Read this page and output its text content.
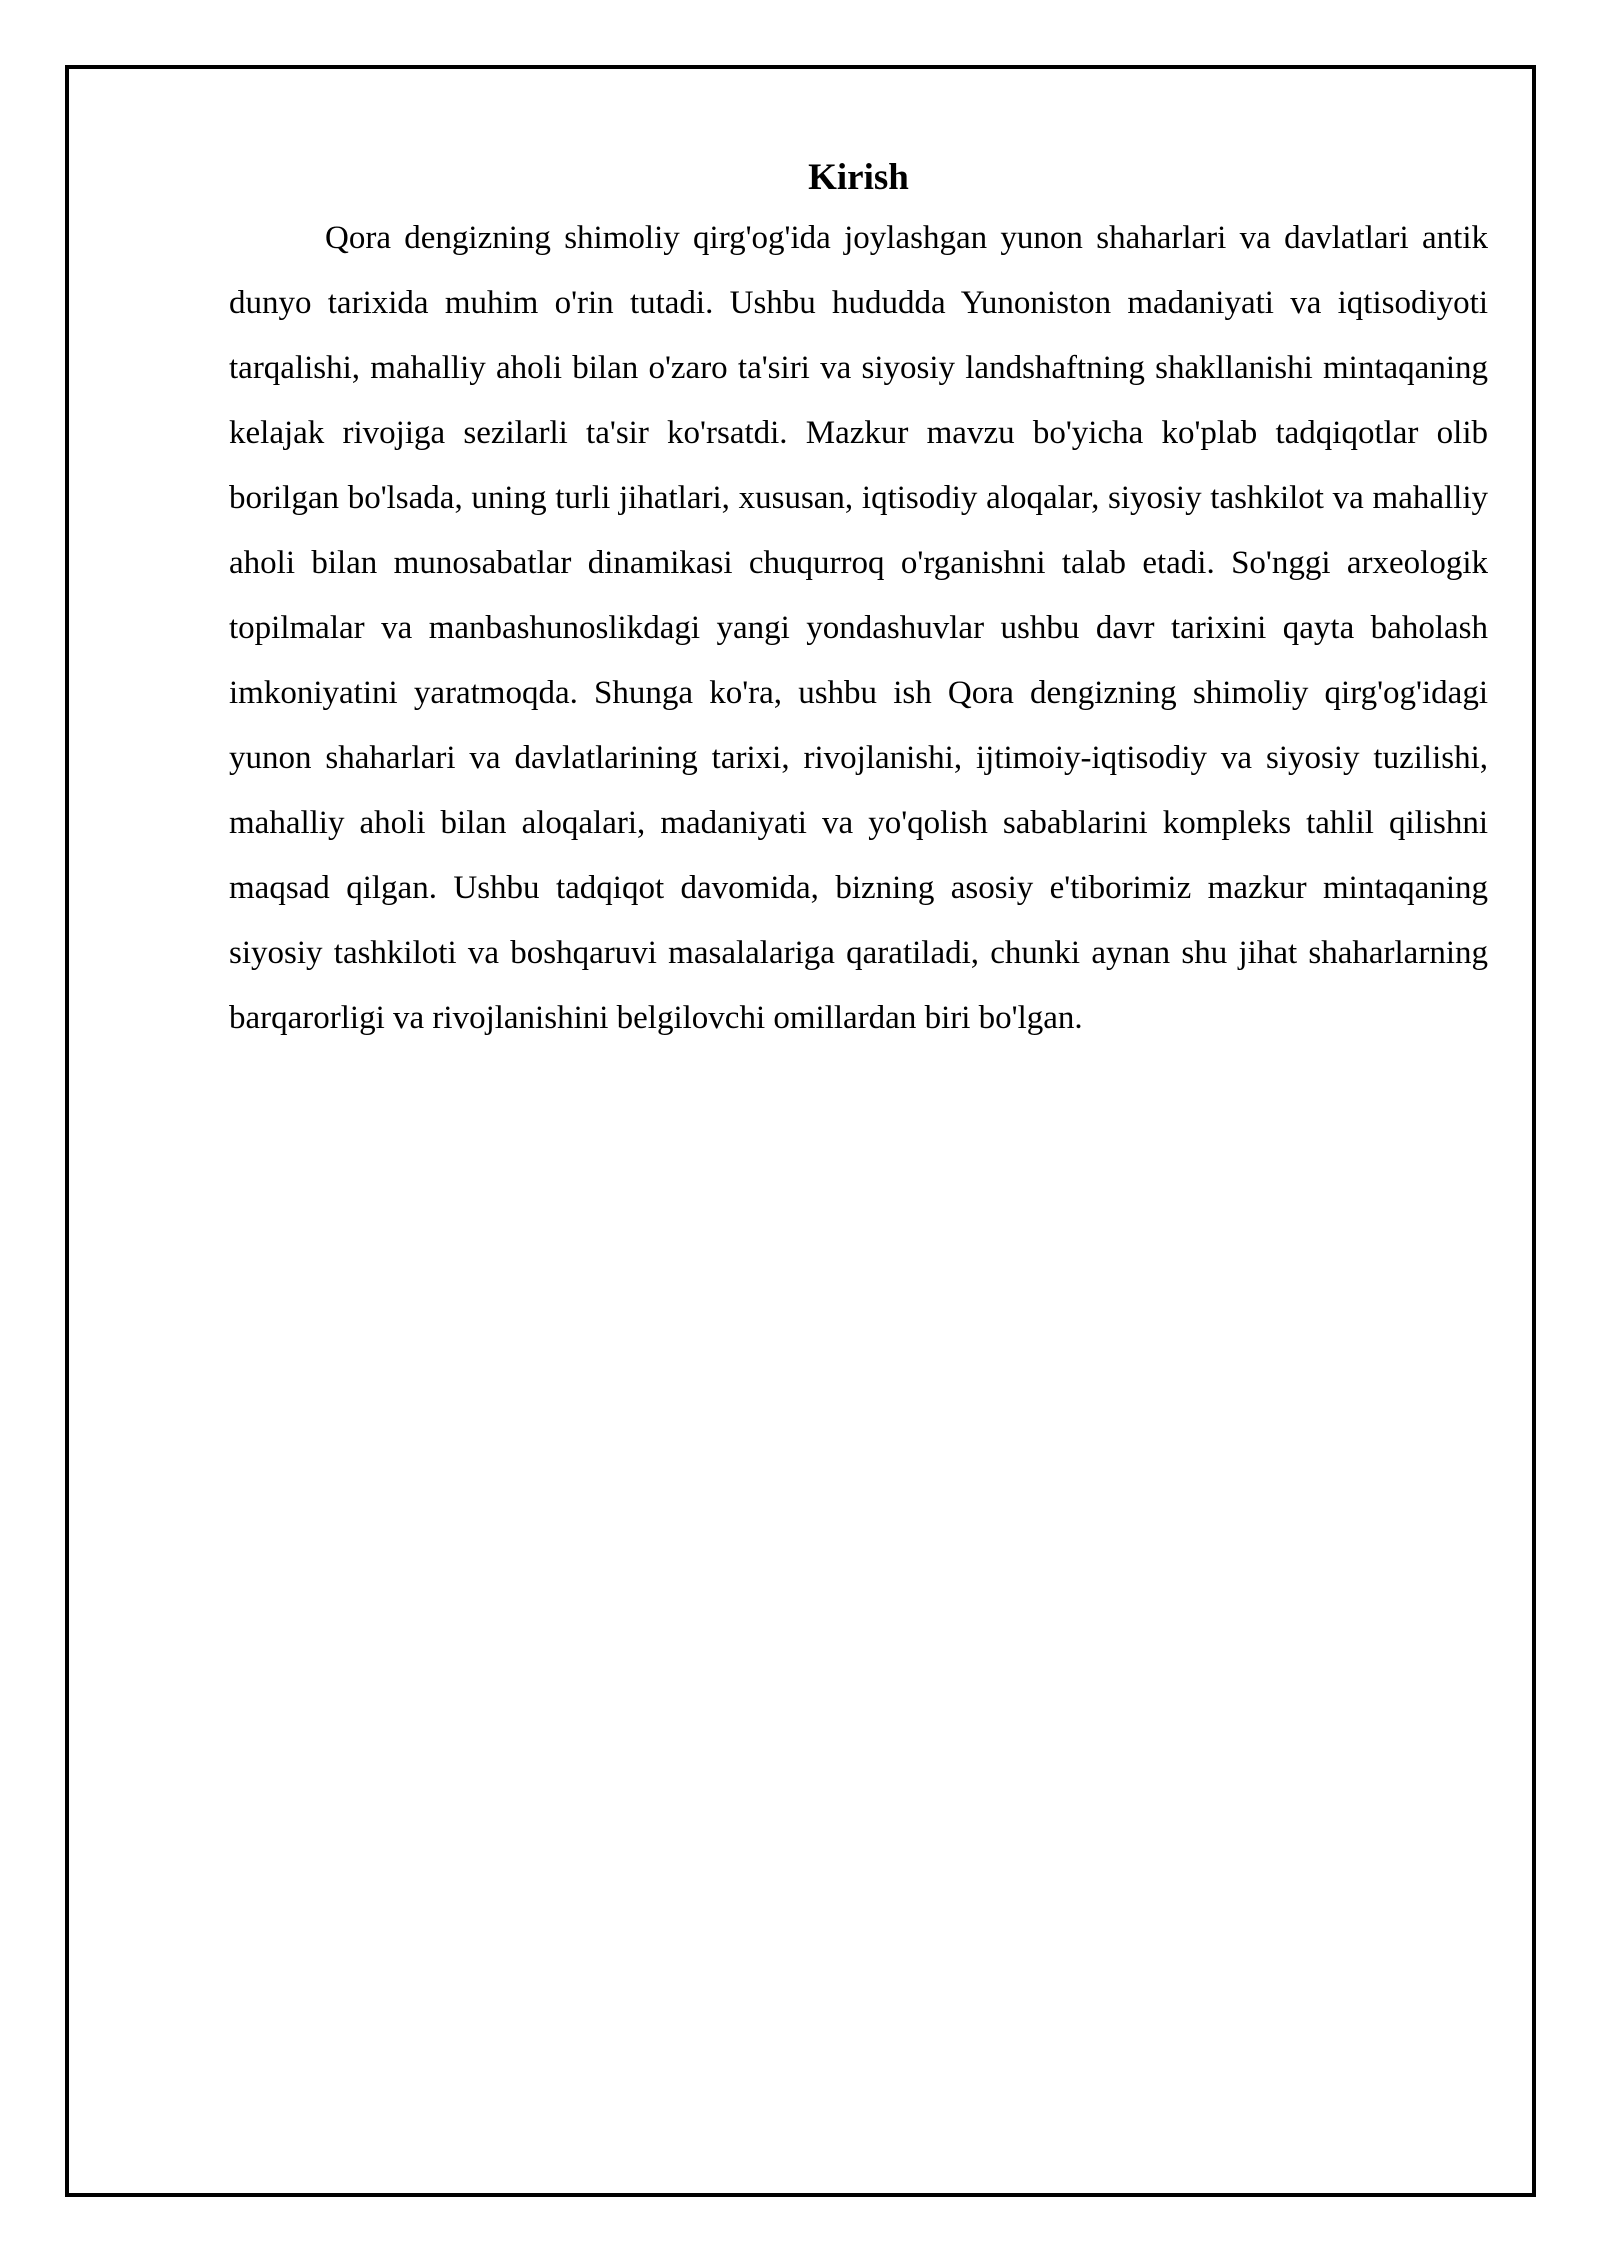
Kirish

Qora dengizning shimoliy qirg'og'ida joylashgan yunon shaharlari va davlatlari antik dunyo tarixida muhim o'rin tutadi. Ushbu hududda Yunoniston madaniyati va iqtisodiyoti tarqalishi, mahalliy aholi bilan o'zaro ta'siri va siyosiy landshaftning shakllanishi mintaqaning kelajak rivojiga sezilarli ta'sir ko'rsatdi. Mazkur mavzu bo'yicha ko'plab tadqiqotlar olib borilgan bo'lsada, uning turli jihatlari, xususan, iqtisodiy aloqalar, siyosiy tashkilot va mahalliy aholi bilan munosabatlar dinamikasi chuqurroq o'rganishni talab etadi. So'nggi arxeologik topilmalar va manbashunoslikdagi yangi yondashuvlar ushbu davr tarixini qayta baholash imkoniyatini yaratmoqda. Shunga ko'ra, ushbu ish Qora dengizning shimoliy qirg'og'idagi yunon shaharlari va davlatlarining tarixi, rivojlanishi, ijtimoiy-iqtisodiy va siyosiy tuzilishi, mahalliy aholi bilan aloqalari, madaniyati va yo'qolish sabablarini kompleks tahlil qilishni maqsad qilgan. Ushbu tadqiqot davomida, bizning asosiy e'tiborimiz mazkur mintaqaning siyosiy tashkiloti va boshqaruvi masalalariga qaratiladi, chunki aynan shu jihat shaharlarning barqarorligi va rivojlanishini belgilovchi omillardan biri bo'lgan.
